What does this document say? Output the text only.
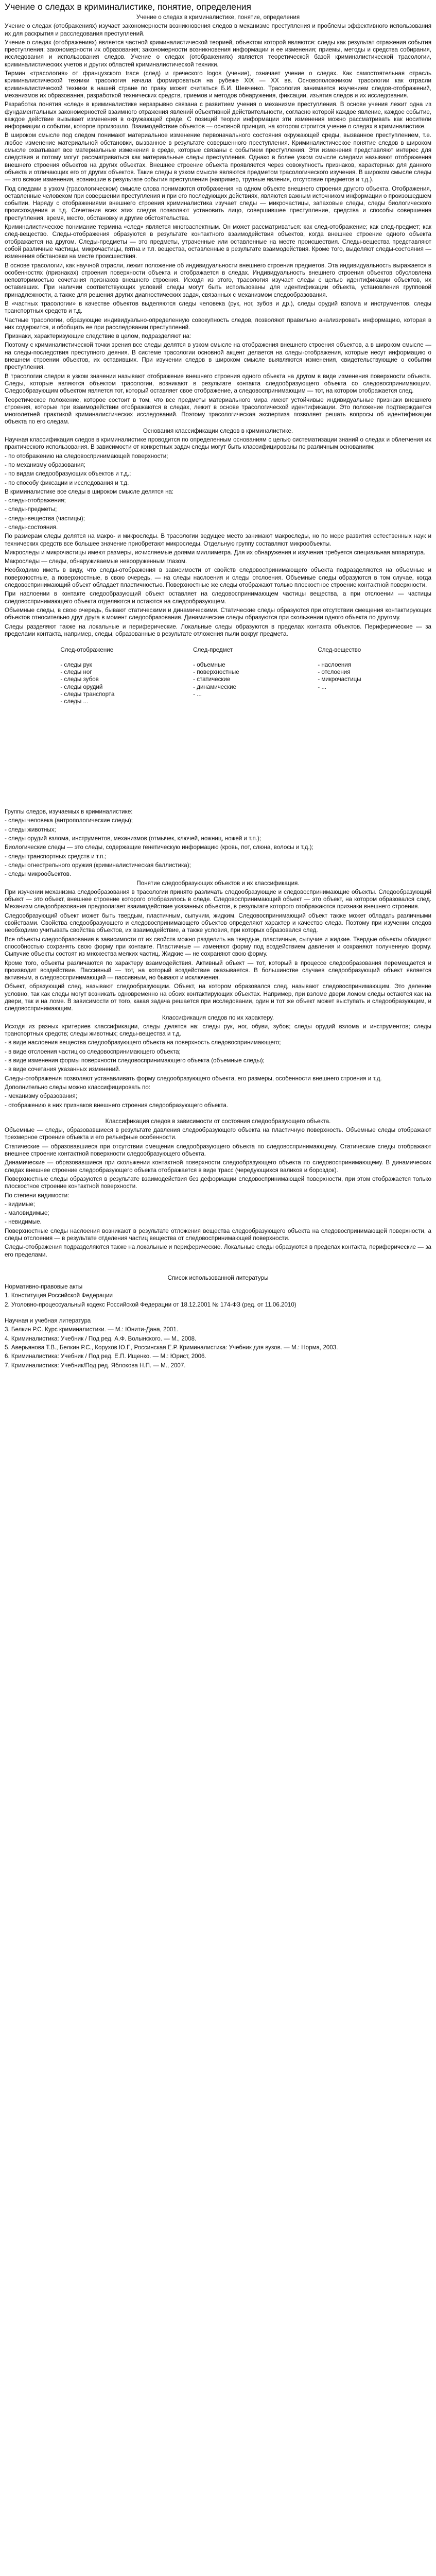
Учение о следах в криминалистике, понятие, определения
Учение о следах в криминалистике, понятие, определения
Учение о следах (отображениях) изучает закономерности возникновения следов в механизме преступления и проблемы эффективного использования их для раскрытия и расследования преступлений.
Учение о следах (отображениях) является частной криминалистической теорией, объектом которой являются: следы как результат отражения события преступления; закономерности их образования; закономерности возникновения информации и ее изменения; приемы, методы и средства собирания, исследования и использования следов. Учение о следах (отображениях) является теоретической базой криминалистической трасологии, криминалистических учетов и других областей криминалистической техники.
Термин «трасология» от французского trace (след) и греческого logos (учение), означает учение о следах. Как самостоятельная отрасль криминалистической техники трасология начала формироваться на рубеже ХIХ — ХХ вв. Основоположником трасологии как отрасли криминалистической техники в нашей стране по праву может считаться Б.И. Шевченко. Трасология занимается изучением следов-отображений, механизмов их образования, разработкой технических средств, приемов и методов обнаружения, фиксации, изъятия следов и их исследования.
Разработка понятия «след» в криминалистике неразрывно связана с развитием учения о механизме преступления. В основе учения лежит одна из фундаментальных закономерностей взаимного отражения явлений объективной действительности, согласно которой каждое явление, каждое событие, каждое действие вызывает изменения в окружающей среде. С позиций теории информации эти изменения можно рассматривать как носители информации о событии, которое произошло. Взаимодействие объектов — основной принцип, на котором строится учение о следах в криминалистике.
В широком смысле под следом понимают материальное изменение первоначального состояния окружающей среды, вызванное преступлением, т.е. любое изменение материальной обстановки, вызванное в результате совершенного преступления. Криминалистическое понятие следов в широком смысле охватывает все материальные изменения в среде, которые связаны с событием преступления. Эти изменения представляют интерес для следствия и потому могут рассматриваться как материальные следы преступления. Однако в более узком смысле следами называют отображения внешнего строения объектов на других объектах. Внешнее строение объекта проявляется через совокупность признаков, характерных для данного объекта и отличающих его от других объектов. Такие следы в узком смысле являются предметом трасологического изучения. В широком смысле следы — это всякие изменения, возникшие в результате события преступления (например, трупные явления, отсутствие предметов и т.д.).
Под следами в узком (трасологическом) смысле слова понимаются отображения на одном объекте внешнего строения другого объекта. Отображения, оставленные человеком при совершении преступления и при его последующих действиях, являются важным источником информации о произошедшем событии. Наряду с отображениями внешнего строения криминалистика изучает следы — микрочастицы, запаховые следы, следы биологического происхождения и т.д. Сочетания всех этих следов позволяют установить лицо, совершившее преступление, средства и способы совершения преступления, время, место, обстановку и другие обстоятельства.
Криминалистическое понимание термина «след» является многоаспектным. Он может рассматриваться: как след-отображение; как след-предмет; как след-вещество. Следы-отображения образуются в результате контактного взаимодействия объектов, когда внешнее строение одного объекта отображается на другом. Следы-предметы — это предметы, утраченные или оставленные на месте происшествия. Следы-вещества представляют собой различные частицы, микрочастицы, пятна и т.п. вещества, оставленные в результате взаимодействия. Кроме того, выделяют следы-состояния — изменения обстановки на месте происшествия.
В основе трасологии, как научной отрасли, лежит положение об индивидуальности внешнего строения предметов. Эта индивидуальность выражается в особенностях (признаках) строения поверхности объекта и отображается в следах. Индивидуальность внешнего строения объектов обусловлена неповторимостью сочетания признаков внешнего строения. Исходя из этого, трасология изучает следы с целью идентификации объектов, их оставивших. При наличии соответствующих условий следы могут быть использованы для идентификации объекта, установления групповой принадлежности, а также для решения других диагностических задач, связанных с механизмом следообразования.
В «частных трасологии» в качестве объектов выделяются следы человека (рук, ног, зубов и др.), следы орудий взлома и инструментов, следы транспортных средств и т.д.
Частные трасологии, образующие индивидуально-определенную совокупность следов, позволяют правильно анализировать информацию, которая в них содержится, и обобщать ее при расследовании преступлений.
Признаки, характеризующие следствие в целом, подразделяют на:
Поэтому с криминалистической точки зрения все следы делятся в узком смысле на отображения внешнего строения объектов, а в широком смысле — на следы-последствия преступного деяния. В системе трасологии основной акцент делается на следы-отображения, которые несут информацию о внешнем строении объектов, их оставивших. При изучении следов в широком смысле выявляются изменения, свидетельствующие о событии преступления.
В трасологии следом в узком значении называют отображение внешнего строения одного объекта на другом в виде изменения поверхности объекта. Следы, которые являются объектом трасологии, возникают в результате контакта следообразующего объекта со следовоспринимающим. Следообразующим объектом является тот, который оставляет свое отображение, а следовоспринимающим — тот, на котором отображается след.
Теоретическое положение, которое состоит в том, что все предметы материального мира имеют устойчивые индивидуальные признаки внешнего строения, которые при взаимодействии отображаются в следах, лежит в основе трасологической идентификации. Это положение подтверждается многолетней практикой криминалистических исследований. Поэтому трасологическая экспертиза позволяет решать вопросы об идентификации объекта по его следам.
Основания классификации следов в криминалистике.
Научная классификация следов в криминалистике проводится по определенным основаниям с целью систематизации знаний о следах и облегчения их практического использования. В зависимости от конкретных задач следы могут быть классифицированы по различным основаниям:
- по отображению на следовоспринимающей поверхности;
- по механизму образования;
- по видам следообразующих объектов и т.д.;
- по способу фиксации и исследования и т.д.
В криминалистике все следы в широком смысле делятся на:
- следы-отображения;
- следы-предметы;
- следы-вещества (частицы);
- следы-состояния.
По размерам следы делятся на макро- и микроследы. В трасологии ведущее место занимают макроследы, но по мере развития естественных наук и технических средств все большее значение приобретают микроследы. Отдельную группу составляют микрообъекты.
Микроследы и микрочастицы имеют размеры, исчисляемые долями миллиметра. Для их обнаружения и изучения требуется специальная аппаратура.
Макроследы — следы, обнаруживаемые невооруженным глазом.
Необходимо иметь в виду, что следы-отображения в зависимости от свойств следовоспринимающего объекта подразделяются на объемные и поверхностные, а поверхностные, в свою очередь, — на следы наслоения и следы отслоения. Объемные следы образуются в том случае, когда следовоспринимающий объект обладает пластичностью. Поверхностные же следы отображают только плоскостное строение контактной поверхности.
При наслоении в контакте следообразующий объект оставляет на следовоспринимающем частицы вещества, а при отслоении — частицы следовоспринимающего объекта отделяются и остаются на следообразующем.
Объемные следы, в свою очередь, бывают статическими и динамическими. Статические следы образуются при отсутствии смещения контактирующих объектов относительно друг друга в момент следообразования. Динамические следы образуются при скольжении одного объекта по другому.
Следы разделяют также на локальные и периферические. Локальные следы образуются в пределах контакта объектов. Периферические — за пределами контакта, например, следы, образованные в результате отложения пыли вокруг предмета.
След-отображение

- следы рук
- следы ног
- следы зубов
- следы орудий
- следы транспорта
- следы ...
След-предмет

- объемные
- поверхностные
- статические
- динамические
- ...
След-вещество

- наслоения
- отслоения
- микрочастицы
- ...
Группы следов, изучаемых в криминалистике:
- следы человека (антропологические следы);
- следы животных;
- следы орудий взлома, инструментов, механизмов (отмычек, ключей, ножниц, ножей и т.п.);
Биологические следы — это следы, содержащие генетическую информацию (кровь, пот, слюна, волосы и т.д.);
- следы транспортных средств и т.п.;
- следы огнестрельного оружия (криминалистическая баллистика);
- следы микрообъектов.
Понятие следообразующих объектов и их классификация.
При изучении механизма следообразования в трасологии принято различать следообразующие и следовоспринимающие объекты. Следообразующий объект — это объект, внешнее строение которого отобразилось в следе. Следовоспринимающий объект — это объект, на котором образовался след. Механизм следообразования предполагает взаимодействие указанных объектов, в результате которого отображаются признаки внешнего строения.
Следообразующий объект может быть твердым, пластичным, сыпучим, жидким. Следовоспринимающий объект также может обладать различными свойствами. Свойства следообразующего и следовоспринимающего объектов определяют характер и качество следа. Поэтому при изучении следов необходимо учитывать свойства объектов, их взаимодействие, а также условия, при которых образовался след.
Все объекты следообразования в зависимости от их свойств можно разделить на твердые, пластичные, сыпучие и жидкие. Твердые объекты обладают способностью сохранять свою форму при контакте. Пластичные — изменяют форму под воздействием давления и сохраняют полученную форму. Сыпучие объекты состоят из множества мелких частиц. Жидкие — не сохраняют свою форму.
Кроме того, объекты различаются по характеру взаимодействия. Активный объект — тот, который в процессе следообразования перемещается и производит воздействие. Пассивный — тот, на который воздействие оказывается. В большинстве случаев следообразующий объект является активным, а следовоспринимающий — пассивным, но бывают и исключения.
Объект, образующий след, называют следообразующим. Объект, на котором образовался след, называют следовоспринимающим. Это деление условно, так как следы могут возникать одновременно на обоих контактирующих объектах. Например, при взломе двери ломом следы остаются как на двери, так и на ломе. В зависимости от того, какая задача решается при исследовании, один и тот же объект может выступать и следообразующим, и следовоспринимающим.
Классификация следов по их характеру.
Исходя из разных критериев классификации, следы делятся на: следы рук, ног, обуви, зубов; следы орудий взлома и инструментов; следы транспортных средств; следы животных; следы-вещества и т.д.
- в виде наслоения вещества следообразующего объекта на поверхность следовоспринимающего;
- в виде отслоения частиц со следовоспринимающего объекта;
- в виде изменения формы поверхности следовоспринимающего объекта (объемные следы);
- в виде сочетания указанных изменений.
Следы-отображения позволяют устанавливать форму следообразующего объекта, его размеры, особенности внешнего строения и т.д.
Дополнительно следы можно классифицировать по:
- механизму образования;
- отображению в них признаков внешнего строения следообразующего объекта.
Классификация следов в зависимости от состояния следообразующего объекта.
Объемные — следы, образовавшиеся в результате давления следообразующего объекта на пластичную поверхность. Объемные следы отображают трехмерное строение объекта и его рельефные особенности.
Статические — образовавшиеся при отсутствии смещения следообразующего объекта по следовоспринимающему. Статические следы отображают внешнее строение контактной поверхности следообразующего объекта.
Динамические — образовавшиеся при скольжении контактной поверхности следообразующего объекта по следовоспринимающему. В динамических следах внешнее строение следообразующего объекта отображается в виде трасс (чередующихся валиков и бороздок).
Поверхностные следы образуются в результате взаимодействия без деформации следовоспринимающей поверхности, при этом отображается только плоскостное строение контактной поверхности.
По степени видимости:
- видимые;
- маловидимые;
- невидимые.
Поверхностные следы наслоения возникают в результате отложения вещества следообразующего объекта на следовоспринимающей поверхности, а следы отслоения — в результате отделения частиц вещества от следовоспринимающей поверхности.
Следы-отображения подразделяются также на локальные и периферические. Локальные следы образуются в пределах контакта, периферические — за его пределами.
Список использованной литературы
Нормативно-правовые акты
1. Конституция Российской Федерации
2. Уголовно-процессуальный кодекс Российской Федерации от 18.12.2001 № 174-ФЗ (ред. от 11.06.2010)
Научная и учебная литература
3. Белкин Р.С. Курс криминалистики. — М.: Юнити-Дана, 2001.
4. Криминалистика: Учебник / Под ред. А.Ф. Волынского. — М., 2008.
5. Аверьянова Т.В., Белкин Р.С., Корухов Ю.Г., Россинская Е.Р. Криминалистика: Учебник для вузов. — М.: Норма, 2003.
6. Криминалистика: Учебник / Под ред. Е.П. Ищенко. — М.: Юрист, 2006.
7. Криминалистика: Учебник/Под ред. Яблокова Н.П. — М., 2007.
